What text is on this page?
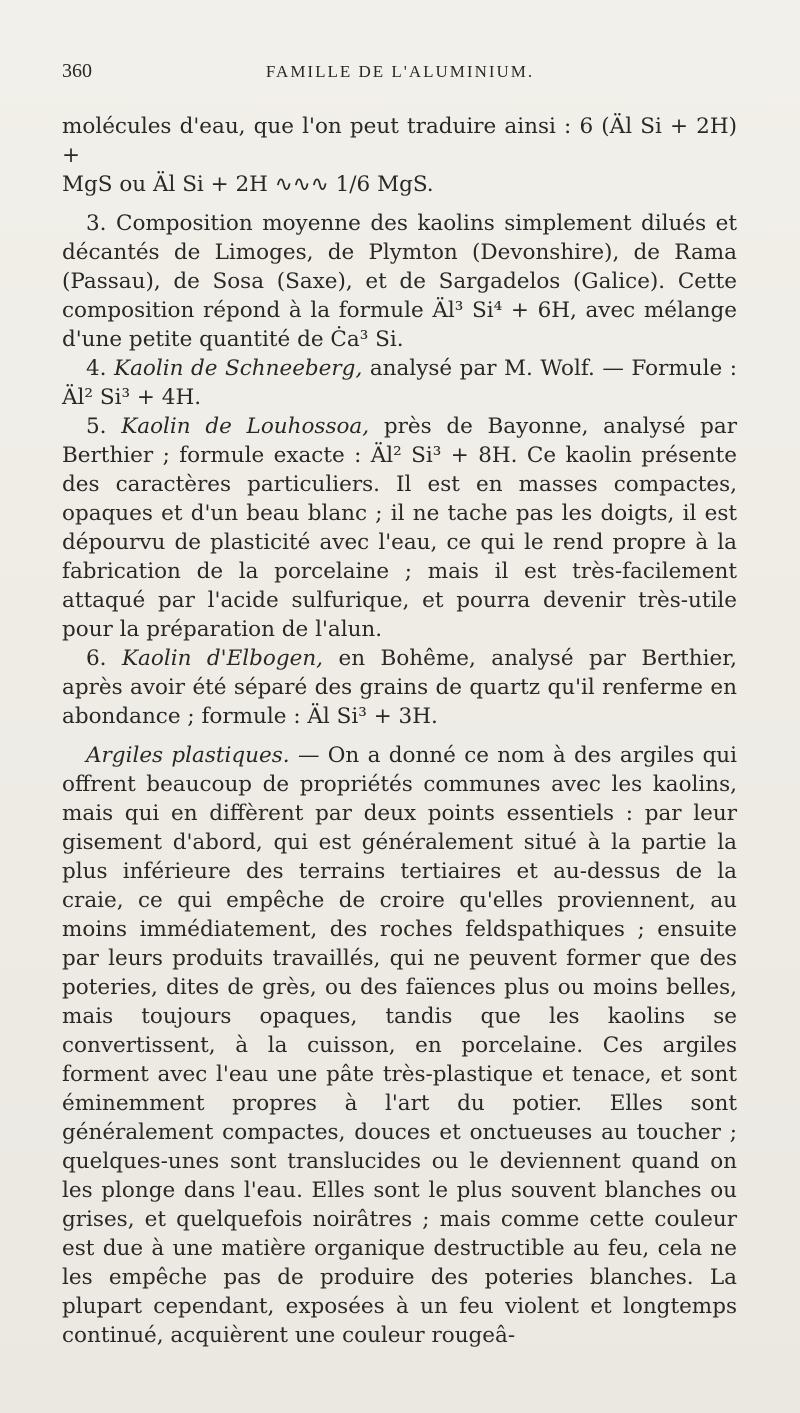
360	FAMILLE DE L'ALUMINIUM.

molécules d'eau, que l'on peut traduire ainsi : 6 (Äl Si + 2H) +
MgS ou Äl Si + 2H ∿∿∿ 1/6 MgS.

3. Composition moyenne des kaolins simplement dilués et décantés de Limoges, de Plymton (Devonshire), de Rama (Passau), de Sosa (Saxe), et de Sargadelos (Galice). Cette composition répond à la formule Äl³ Si⁴ + 6H, avec mélange d'une petite quantité de Ċa³ Si.

4. Kaolin de Schneeberg, analysé par M. Wolf. — Formule : Äl² Si³ + 4H.

5. Kaolin de Louhossoa, près de Bayonne, analysé par Berthier ; formule exacte : Äl² Si³ + 8H. Ce kaolin présente des caractères particuliers. Il est en masses compactes, opaques et d'un beau blanc ; il ne tache pas les doigts, il est dépourvu de plasticité avec l'eau, ce qui le rend propre à la fabrication de la porcelaine ; mais il est très-facilement attaqué par l'acide sulfurique, et pourra devenir très-utile pour la préparation de l'alun.

6. Kaolin d'Elbogen, en Bohême, analysé par Berthier, après avoir été séparé des grains de quartz qu'il renferme en abondance ; formule : Äl Si³ + 3H.

Argiles plastiques. — On a donné ce nom à des argiles qui offrent beaucoup de propriétés communes avec les kaolins, mais qui en diffèrent par deux points essentiels : par leur gisement d'abord, qui est généralement situé à la partie la plus inférieure des terrains tertiaires et au-dessus de la craie, ce qui empêche de croire qu'elles proviennent, au moins immédiatement, des roches feldspathiques ; ensuite par leurs produits travaillés, qui ne peuvent former que des poteries, dites de grès, ou des faïences plus ou moins belles, mais toujours opaques, tandis que les kaolins se convertissent, à la cuisson, en porcelaine. Ces argiles forment avec l'eau une pâte très-plastique et tenace, et sont éminemment propres à l'art du potier. Elles sont généralement compactes, douces et onctueuses au toucher ; quelques-unes sont translucides ou le deviennent quand on les plonge dans l'eau. Elles sont le plus souvent blanches ou grises, et quelquefois noirâtres ; mais comme cette couleur est due à une matière organique destructible au feu, cela ne les empêche pas de produire des poteries blanches. La plupart cependant, exposées à un feu violent et longtemps continué, acquièrent une couleur rougeâ-
